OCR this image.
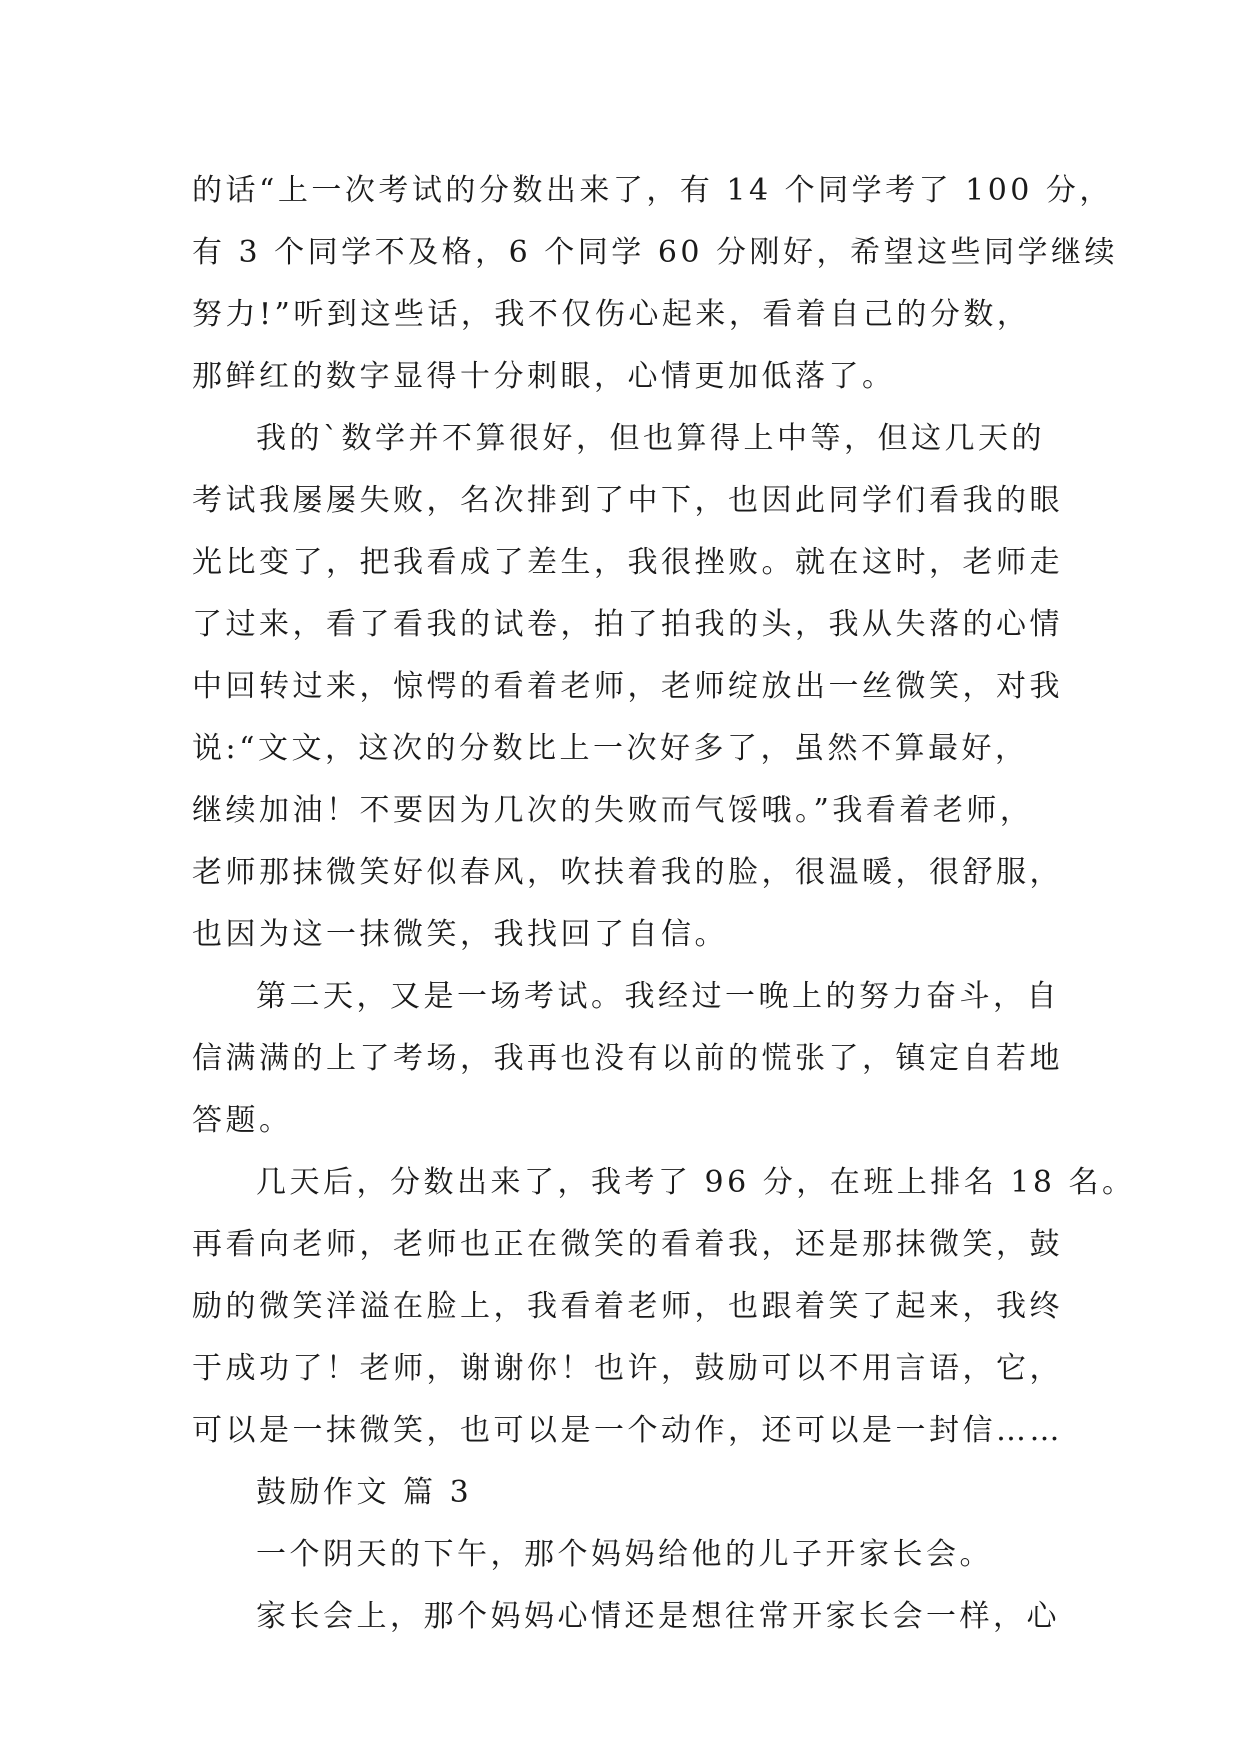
的话“上一次考试的分数出来了，有 14 个同学考了 100 分，
有 3 个同学不及格，6 个同学 60 分刚好，希望这些同学继续
努力!”听到这些话，我不仅伤心起来，看着自己的分数，
那鲜红的数字显得十分刺眼，心情更加低落了。
我的`数学并不算很好，但也算得上中等，但这几天的
考试我屡屡失败，名次排到了中下，也因此同学们看我的眼
光比变了，把我看成了差生，我很挫败。就在这时，老师走
了过来，看了看我的试卷，拍了拍我的头，我从失落的心情
中回转过来，惊愕的看着老师，老师绽放出一丝微笑，对我
说:“文文，这次的分数比上一次好多了，虽然不算最好，
继续加油！不要因为几次的失败而气馁哦。”我看着老师，
老师那抹微笑好似春风，吹扶着我的脸，很温暖，很舒服，
也因为这一抹微笑，我找回了自信。
第二天，又是一场考试。我经过一晚上的努力奋斗，自
信满满的上了考场，我再也没有以前的慌张了，镇定自若地
答题。
几天后，分数出来了，我考了 96 分，在班上排名 18 名。
再看向老师，老师也正在微笑的看着我，还是那抹微笑，鼓
励的微笑洋溢在脸上，我看着老师，也跟着笑了起来，我终
于成功了！老师，谢谢你！也许，鼓励可以不用言语，它，
可以是一抹微笑，也可以是一个动作，还可以是一封信……
鼓励作文 篇 3
一个阴天的下午，那个妈妈给他的儿子开家长会。
家长会上，那个妈妈心情还是想往常开家长会一样，心
